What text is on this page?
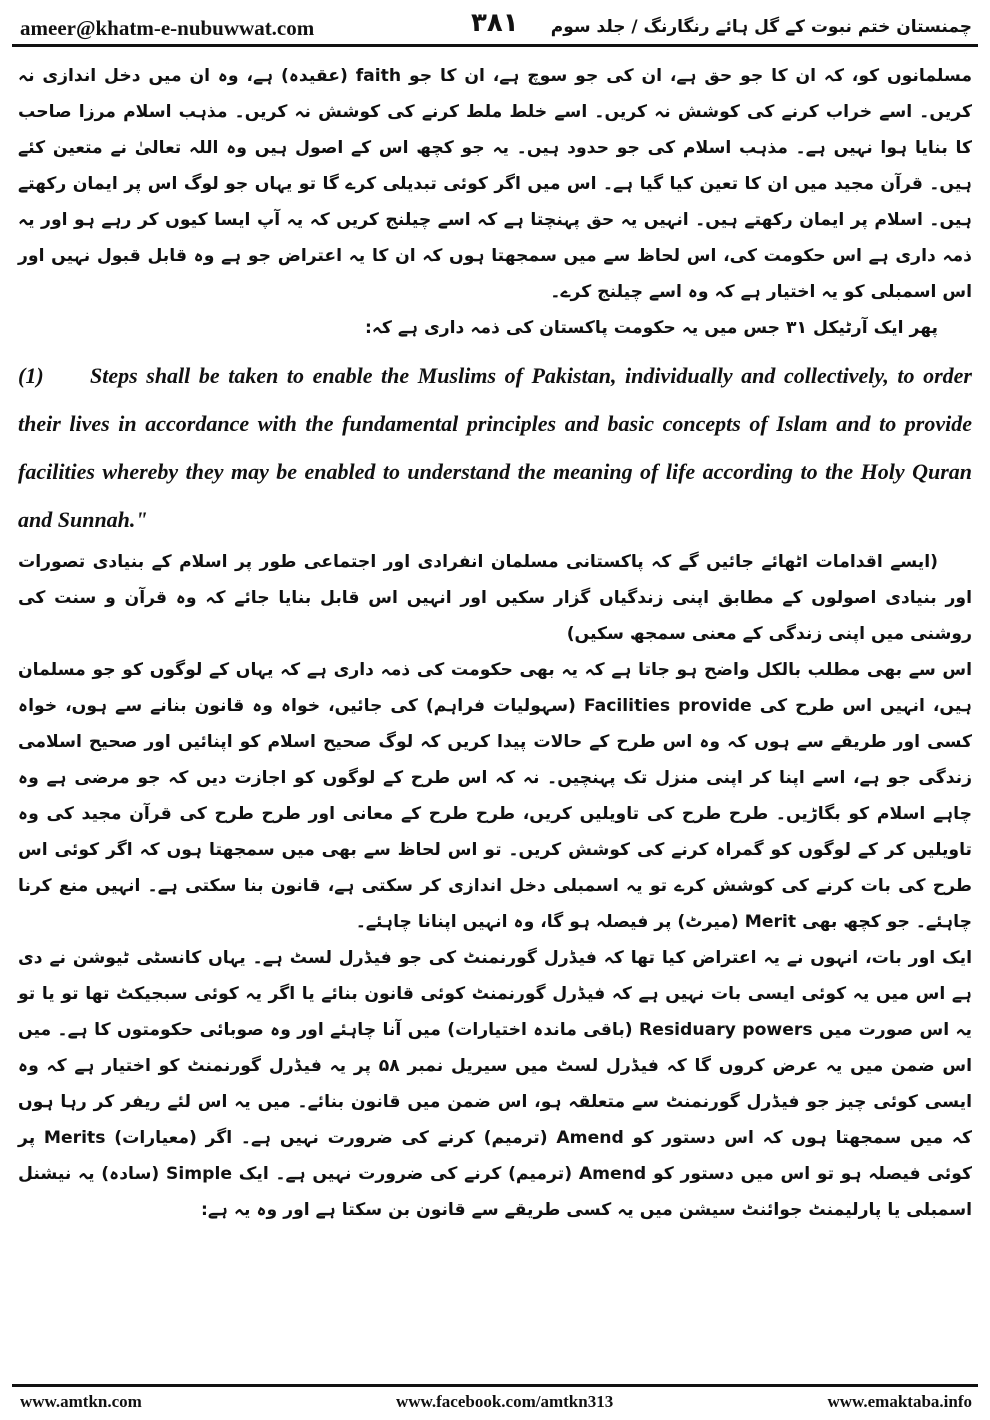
ameer@khatm-e-nubuwwat.com	۳۸۱ چمنستان ختم نبوت کے گل ہائے رنگارنگ / جلد سوم

مسلمانوں کو، کہ ان کا جو حق ہے، ان کی جو سوچ ہے، ان کا جو faith (عقیدہ) ہے، وہ ان میں دخل اندازی نہ کریں۔ اسے خراب کرنے کی کوشش نہ کریں۔ اسے خلط ملط کرنے کی کوشش نہ کریں۔ مذہب اسلام مرزا صاحب کا بنایا ہوا نہیں ہے۔ مذہب اسلام کی جو حدود ہیں۔ یہ جو کچھ اس کے اصول ہیں وہ اللہ تعالیٰ نے متعین کئے ہیں۔ قرآن مجید میں ان کا تعین کیا گیا ہے۔ اس میں اگر کوئی تبدیلی کرے گا تو یہاں جو لوگ اس پر ایمان رکھتے ہیں۔ اسلام پر ایمان رکھتے ہیں۔ انہیں یہ حق پہنچتا ہے کہ اسے چیلنج کریں کہ یہ آپ ایسا کیوں کر رہے ہو اور یہ ذمہ داری ہے اس حکومت کی، اس لحاظ سے میں سمجھتا ہوں کہ ان کا یہ اعتراض جو ہے وہ قابل قبول نہیں اور اس اسمبلی کو یہ اختیار ہے کہ وہ اسے چیلنج کرے۔

پھر ایک آرٹیکل ۳۱ جس میں یہ حکومت پاکستان کی ذمہ داری ہے کہ:

(1) Steps shall be taken to enable the Muslims of Pakistan, individually and collectively, to order their lives in accordance with the fundamental principles and basic concepts of Islam and to provide facilities whereby they may be enabled to understand the meaning of life according to the Holy Quran and Sunnah."

(ایسے اقدامات اٹھائے جائیں گے کہ پاکستانی مسلمان انفرادی اور اجتماعی طور پر اسلام کے بنیادی تصورات اور بنیادی اصولوں کے مطابق اپنی زندگیاں گزار سکیں اور انہیں اس قابل بنایا جائے کہ وہ قرآن و سنت کی روشنی میں اپنی زندگی کے معنی سمجھ سکیں)

اس سے بھی مطلب بالکل واضح ہو جاتا ہے کہ یہ بھی حکومت کی ذمہ داری ہے کہ یہاں کے لوگوں کو جو مسلمان ہیں، انہیں اس طرح کی Facilities provide (سہولیات فراہم) کی جائیں، خواہ وہ قانون بنانے سے ہوں، خواہ کسی اور طریقے سے ہوں کہ وہ اس طرح کے حالات پیدا کریں کہ لوگ صحیح اسلام کو اپنائیں اور صحیح اسلامی زندگی جو ہے، اسے اپنا کر اپنی منزل تک پہنچیں۔ نہ کہ اس طرح کے لوگوں کو اجازت دیں کہ جو مرضی ہے وہ چاہے اسلام کو بگاڑیں۔ طرح طرح کی تاویلیں کریں، طرح طرح کے معانی اور طرح طرح کی قرآن مجید کی وہ تاویلیں کر کے لوگوں کو گمراہ کرنے کی کوشش کریں۔ تو اس لحاظ سے بھی میں سمجھتا ہوں کہ اگر کوئی اس طرح کی بات کرنے کی کوشش کرے تو یہ اسمبلی دخل اندازی کر سکتی ہے، قانون بنا سکتی ہے۔ انہیں منع کرنا چاہئے۔ جو کچھ بھی Merit (میرٹ) پر فیصلہ ہو گا، وہ انہیں اپنانا چاہئے۔

ایک اور بات، انہوں نے یہ اعتراض کیا تھا کہ فیڈرل گورنمنٹ کی جو فیڈرل لسٹ ہے۔ یہاں کانسٹی ٹیوشن نے دی ہے اس میں یہ کوئی ایسی بات نہیں ہے کہ فیڈرل گورنمنٹ کوئی قانون بنائے یا اگر یہ کوئی سبجیکٹ تھا تو یا تو یہ اس صورت میں Residuary powers (باقی ماندہ اختیارات) میں آنا چاہئے اور وہ صوبائی حکومتوں کا ہے۔ میں اس ضمن میں یہ عرض کروں گا کہ فیڈرل لسٹ میں سیریل نمبر ۵۸ پر یہ فیڈرل گورنمنٹ کو اختیار ہے کہ وہ ایسی کوئی چیز جو فیڈرل گورنمنٹ سے متعلقہ ہو، اس ضمن میں قانون بنائے۔ میں یہ اس لئے ریفر کر رہا ہوں کہ میں سمجھتا ہوں کہ اس دستور کو Amend (ترمیم) کرنے کی ضرورت نہیں ہے۔ اگر (معیارات) Merits پر کوئی فیصلہ ہو تو اس میں دستور کو Amend (ترمیم) کرنے کی ضرورت نہیں ہے۔ ایک Simple (سادہ) یہ نیشنل اسمبلی یا پارلیمنٹ جوائنٹ سیشن میں یہ کسی طریقے سے قانون بن سکتا ہے اور وہ یہ ہے:

www.amtkn.com	www.facebook.com/amtkn313	www.emaktaba.info
